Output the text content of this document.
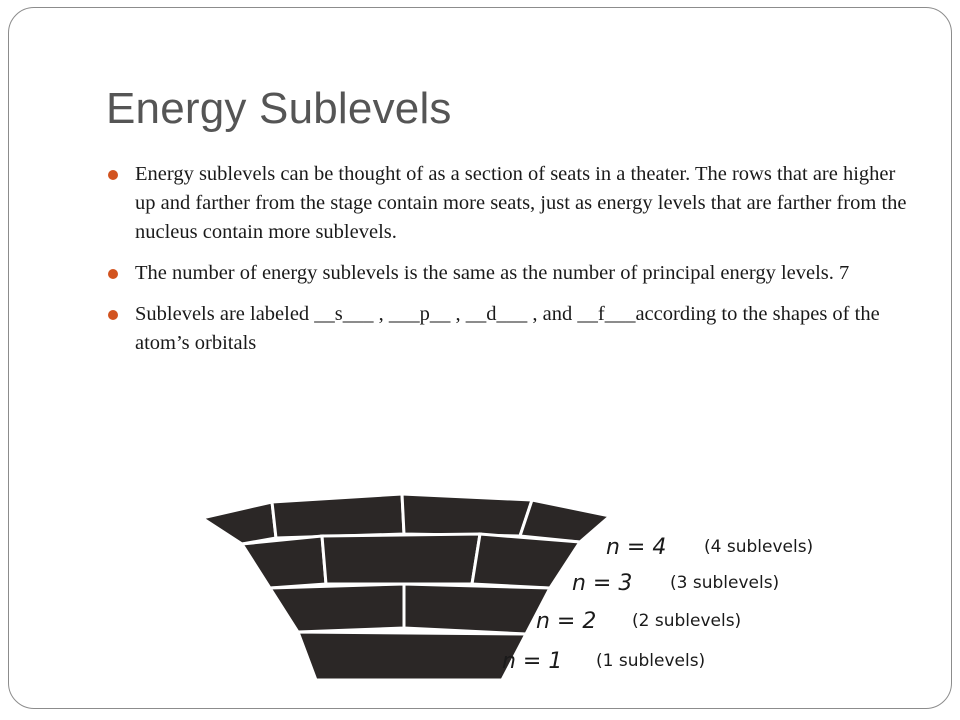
Energy Sublevels
Energy sublevels can be thought of as a section of seats in a theater. The rows that are higher up and farther from the stage contain more seats, just as energy levels that are farther from the nucleus contain more sublevels.
The number of energy sublevels is the same as the number of principal energy levels. 7
Sublevels are labeled __s___ , ___p__ , __d___ , and __f___according to the shapes of the atom’s orbitals
n = 4 (4 sublevels)
n = 3 (3 sublevels)
n = 2 (2 sublevels)
n = 1 (1 sublevels)
